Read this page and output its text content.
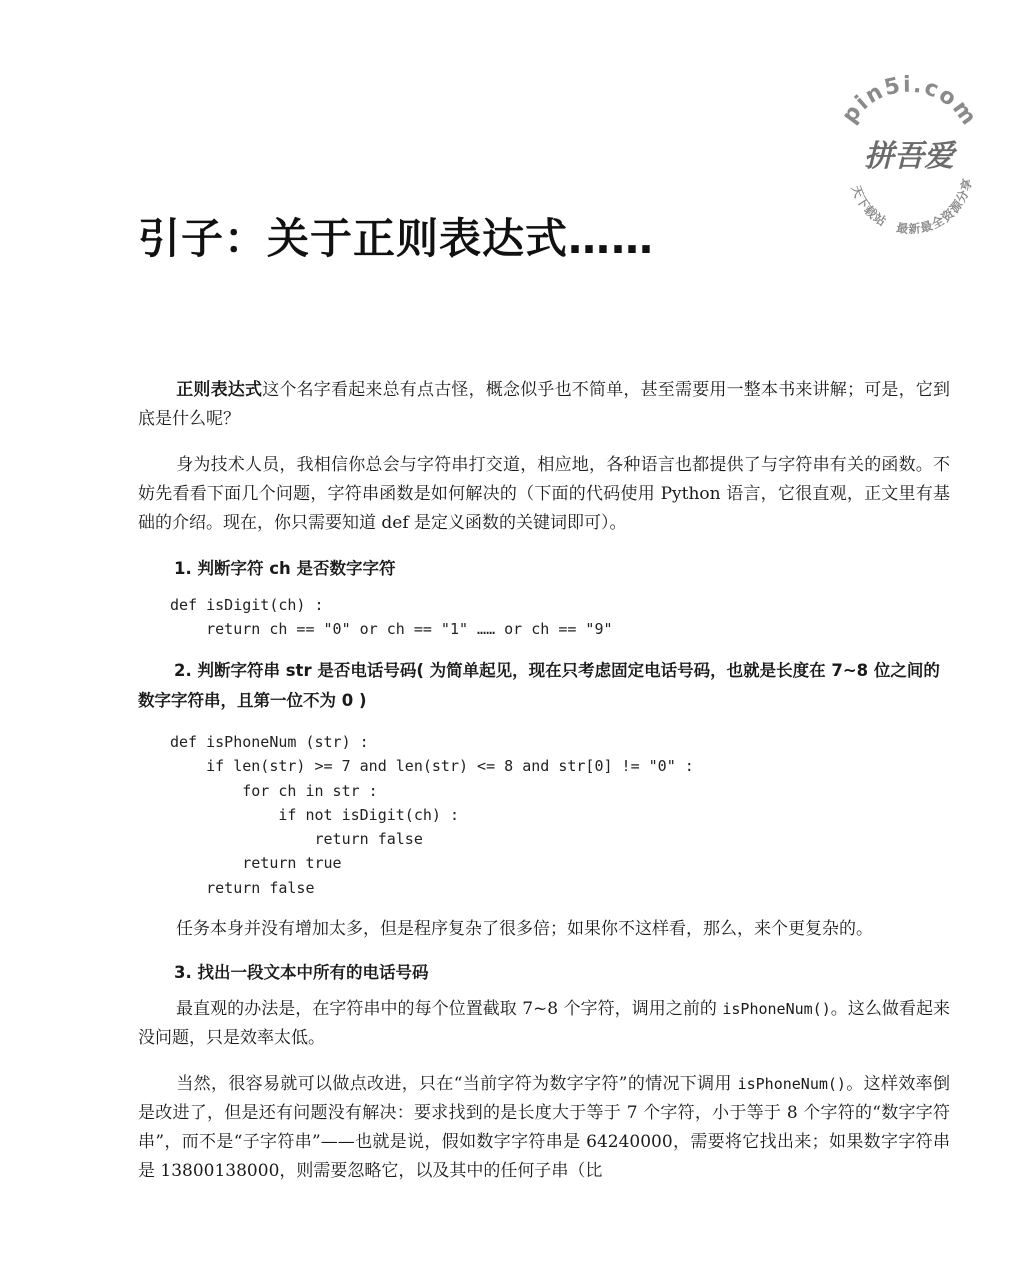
pin5i.com
天下载站　最新最全资源分享
拼吾爱
引子：关于正则表达式……
正则表达式这个名字看起来总有点古怪，概念似乎也不简单，甚至需要用一整本书来讲解；可是，它到底是什么呢？
身为技术人员，我相信你总会与字符串打交道，相应地，各种语言也都提供了与字符串有关的函数。不妨先看看下面几个问题，字符串函数是如何解决的（下面的代码使用 Python 语言，它很直观，正文里有基础的介绍。现在，你只需要知道 def 是定义函数的关键词即可）。
1. 判断字符 ch 是否数字字符
def isDigit(ch) :
return ch == "0" or ch == "1" …… or ch == "9"
2. 判断字符串 str 是否电话号码( 为简单起见，现在只考虑固定电话号码，也就是长度在 7~8 位之间的数字字符串，且第一位不为 0 )
def isPhoneNum (str) :
if len(str) >= 7 and len(str) <= 8 and str[0] != "0" :
for ch in str :
if not isDigit(ch) :
return false
return true
return false
任务本身并没有增加太多，但是程序复杂了很多倍；如果你不这样看，那么，来个更复杂的。
3. 找出一段文本中所有的电话号码
最直观的办法是，在字符串中的每个位置截取 7~8 个字符，调用之前的 isPhoneNum()。这么做看起来没问题，只是效率太低。
当然，很容易就可以做点改进，只在“当前字符为数字字符”的情况下调用 isPhoneNum()。这样效率倒是改进了，但是还有问题没有解决：要求找到的是长度大于等于 7 个字符，小于等于 8 个字符的“数字字符串”，而不是“子字符串”——也就是说，假如数字字符串是 64240000，需要将它找出来；如果数字字符串是 13800138000，则需要忽略它，以及其中的任何子串（比
